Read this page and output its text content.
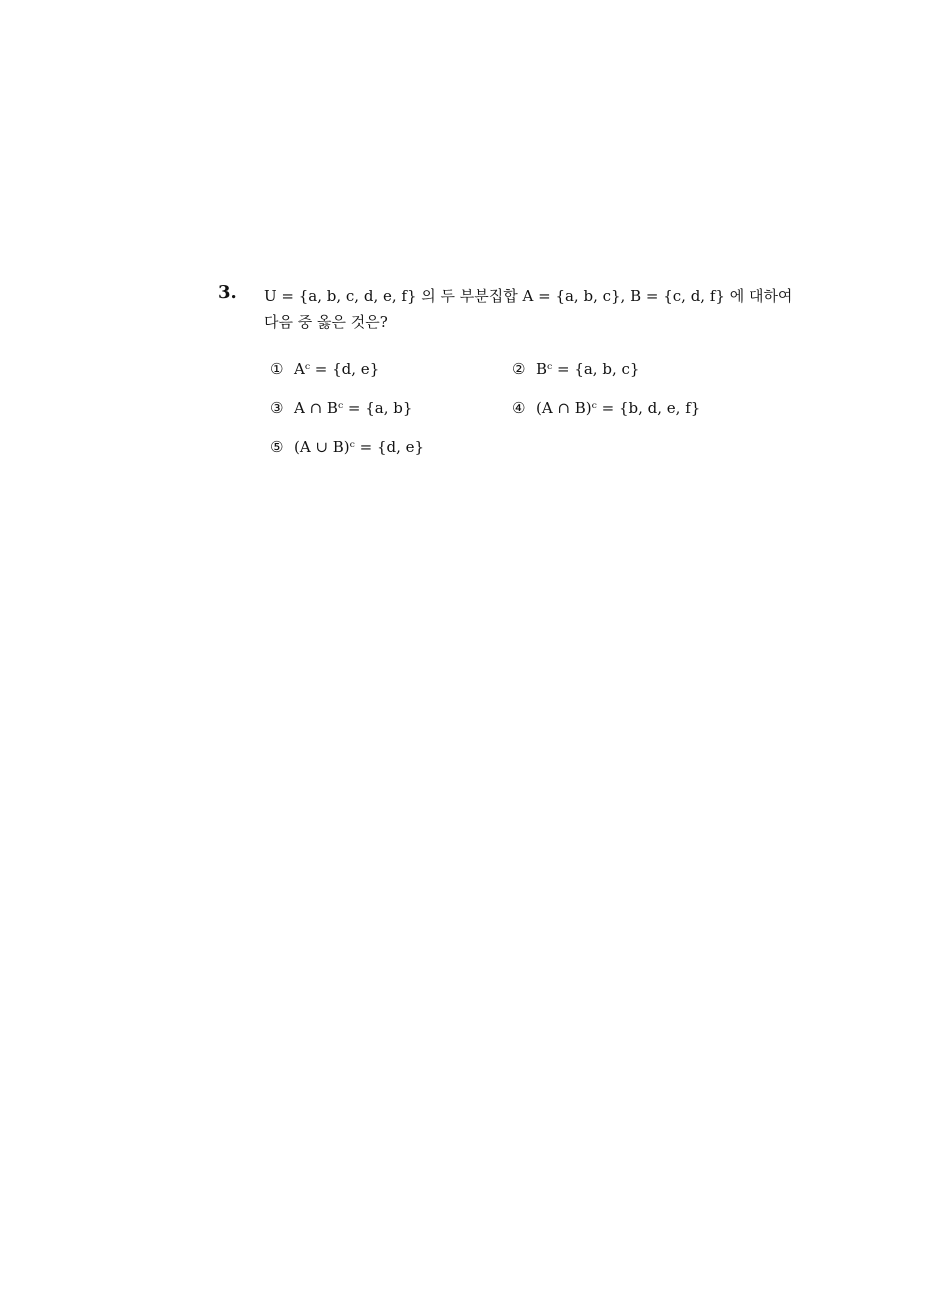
3. U = {a, b, c, d, e, f} 의 두 부분집합 A = {a, b, c}, B = {c, d, f} 에 대하여
다음 중 옳은 것은?
① Aᶜ = {d, e}	② Bᶜ = {a, b, c}
③ A ∩ Bᶜ = {a, b}	④ (A ∩ B)ᶜ = {b, d, e, f}
⑤ (A ∪ B)ᶜ = {d, e}
